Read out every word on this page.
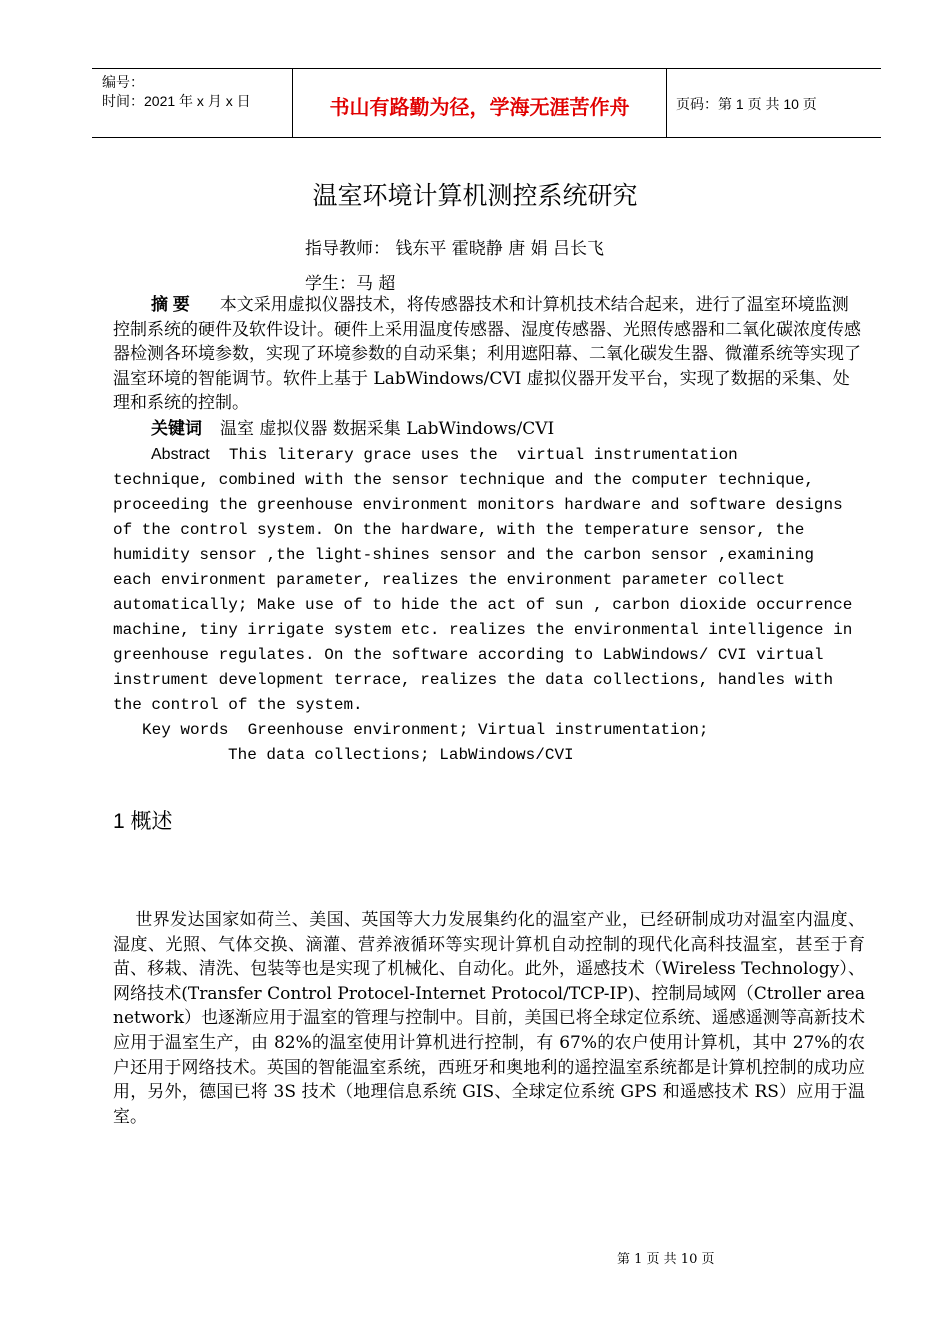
编号：
时间：2021 年 x 月 x 日	书山有路勤为径，学海无涯苦作舟	页码：第 1 页 共 10 页
温室环境计算机测控系统研究
指导教师： 钱东平 霍晓静 唐 娟 吕长飞
学生：马 超
摘 要 本文采用虚拟仪器技术，将传感器技术和计算机技术结合起来，进行了温室环境监测控制系统的硬件及软件设计。硬件上采用温度传感器、湿度传感器、光照传感器和二氧化碳浓度传感器检测各环境参数，实现了环境参数的自动采集；利用遮阳幕、二氧化碳发生器、微灌系统等实现了温室环境的智能调节。软件上基于 LabWindows/CVI 虚拟仪器开发平台，实现了数据的采集、处理和系统的控制。
关键词 温室 虚拟仪器 数据采集 LabWindows/CVI
Abstract  This literary grace uses the  virtual instrumentation
technique, combined with the sensor technique and the computer technique,
proceeding the greenhouse environment monitors hardware and software designs
of the control system. On the hardware, with the temperature sensor, the
humidity sensor ,the light-shines sensor and the carbon sensor ,examining
each environment parameter, realizes the environment parameter collect
automatically; Make use of to hide the act of sun , carbon dioxide occurrence
machine, tiny irrigate system etc. realizes the environmental intelligence in
greenhouse regulates. On the software according to LabWindows/ CVI virtual
instrument development terrace, realizes the data collections, handles with
the control of the system.
Key words  Greenhouse environment; Virtual instrumentation;
The data collections; LabWindows/CVI
1 概述
世界发达国家如荷兰、美国、英国等大力发展集约化的温室产业，已经研制成功对温室内温度、湿度、光照、气体交换、滴灌、营养液循环等实现计算机自动控制的现代化高科技温室，甚至于育苗、移栽、清洗、包装等也是实现了机械化、自动化。此外，遥感技术（Wireless Technology）、网络技术(Transfer Control Protocel-Internet Protocol/TCP-IP)、控制局域网（Ctroller area network）也逐渐应用于温室的管理与控制中。目前，美国已将全球定位系统、遥感遥测等高新技术应用于温室生产，由 82%的温室使用计算机进行控制，有 67%的农户使用计算机，其中 27%的农户还用于网络技术。英国的智能温室系统，西班牙和奥地利的遥控温室系统都是计算机控制的成功应用，另外，德国已将 3S 技术（地理信息系统 GIS、全球定位系统 GPS 和遥感技术 RS）应用于温室。
第 1 页 共 10 页
